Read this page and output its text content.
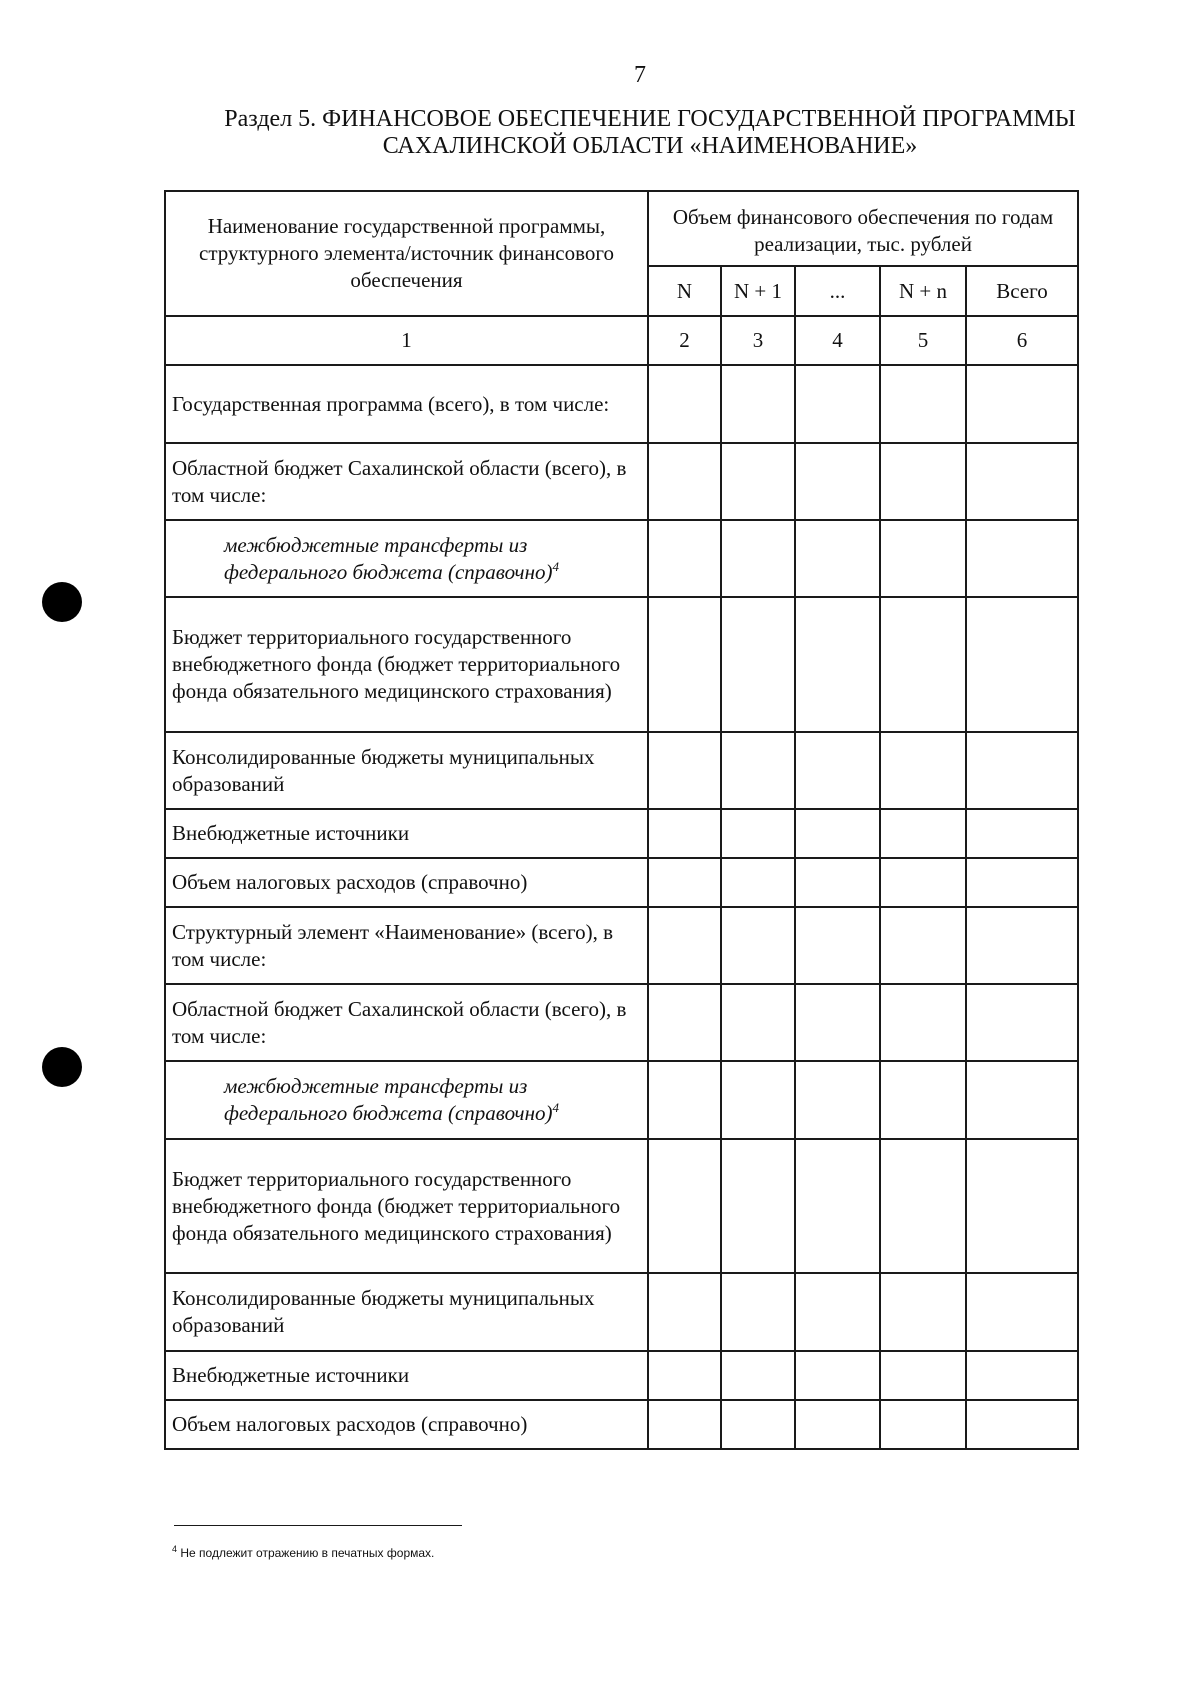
7
Раздел 5. ФИНАНСОВОЕ ОБЕСПЕЧЕНИЕ ГОСУДАРСТВЕННОЙ ПРОГРАММЫ
САХАЛИНСКОЙ ОБЛАСТИ «НАИМЕНОВАНИЕ»
Наименование государственной программы, структурного элемента/источник финансового обеспечения	Объем финансового обеспечения по годам реализации, тыс. рублей				
	N	N + 1	...	N + n	Всего
1	2	3	4	5	6
Государственная программа (всего), в том числе:					
Областной бюджет Сахалинской области (всего), в том числе:					
межбюджетные трансферты из федерального бюджета (справочно)$^4$					
Бюджет территориального государственного внебюджетного фонда (бюджет территориального фонда обязательного медицинского страхования)					
Консолидированные бюджеты муниципальных образований					
Внебюджетные источники					
Объем налоговых расходов (справочно)					
Структурный элемент «Наименование» (всего), в том числе:					
Областной бюджет Сахалинской области (всего), в том числе:					
межбюджетные трансферты из федерального бюджета (справочно)$^4$					
Бюджет территориального государственного внебюджетного фонда (бюджет территориального фонда обязательного медицинского страхования)					
Консолидированные бюджеты муниципальных образований					
Внебюджетные источники					
Объем налоговых расходов (справочно)					
$^4$ Не подлежит отражению в печатных формах.
